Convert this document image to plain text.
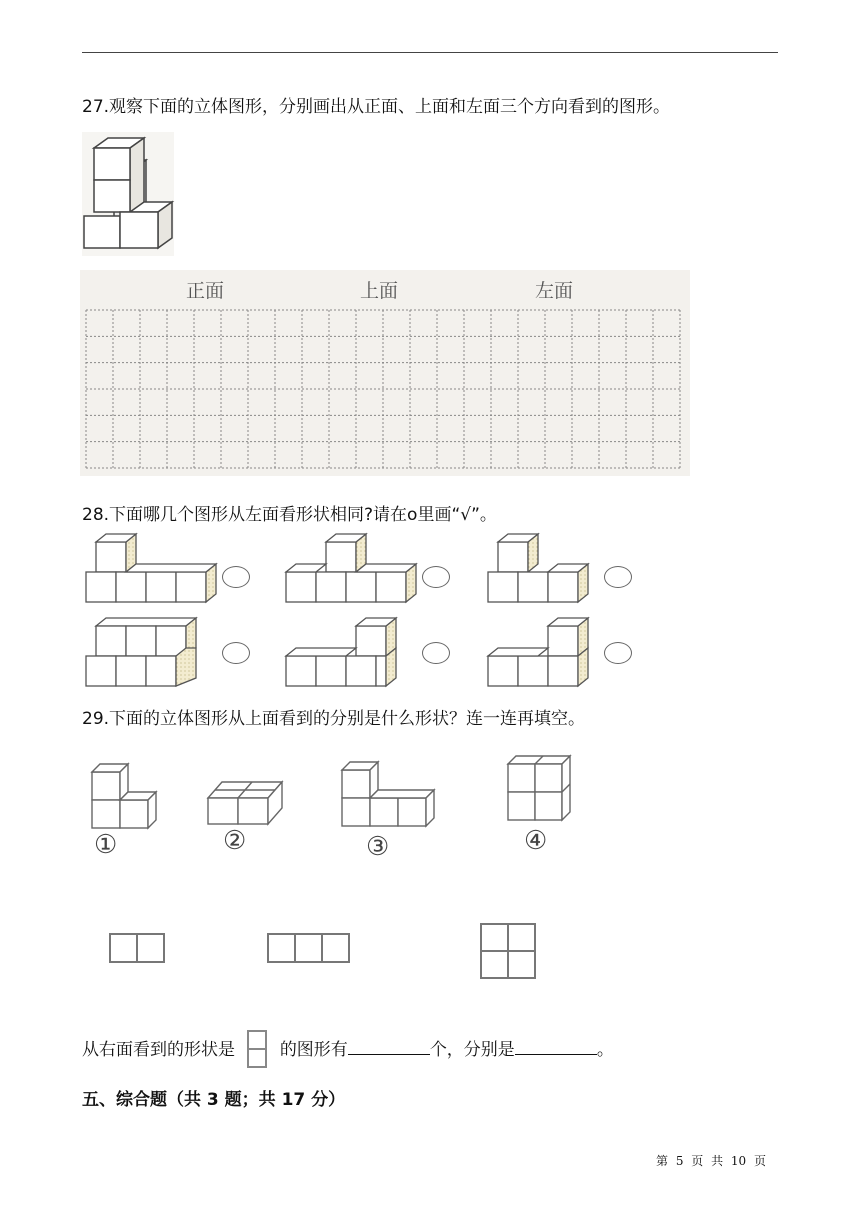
27.观察下面的立体图形，分别画出从正面、上面和左面三个方向看到的图形。
正面	上面	左面
28.下面哪几个图形从左面看形状相同?请在o里画“√”。
29.下面的立体图形从上面看到的分别是什么形状？连一连再填空。
①	②	③	④
从右面看到的形状是	的图形有	个，分别是	。
五、综合题（共 3 题；共 17 分）
第 5 页 共 10 页
